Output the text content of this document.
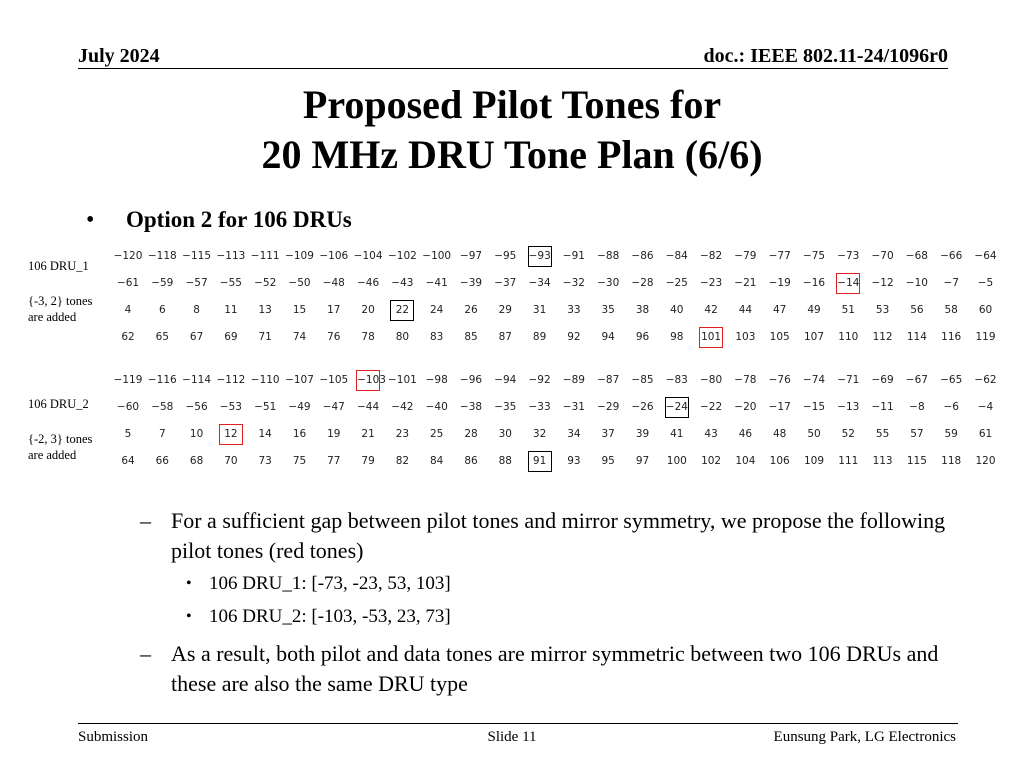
July 2024	doc.: IEEE 802.11-24/1096r0
Proposed Pilot Tones for
20 MHz DRU Tone Plan (6/6)
• Option 2 for 106 DRUs
106 DRU_1
{-3, 2} tones
are added
−120 −118 −115 −113 −111 −109 −106 −104 −102 −100 −97	−95	−93	−91	−88	−86	−84	−82	−79	−77	−75	−73	−70	−68	−66	−64
−61	−59	−57	−55	−52	−50	−48	−46	−43	−41	−39	−37	−34	−32	−30	−28	−25	−23	−21	−19	−16	−14	−12	−10	−7	−5
4	6	8	11	13	15	17	20	22	24	26	29	31	33	35	38	40	42	44	47	49	51	53	56	58	60
62	65	67	69	71	74	76	78	80	83	85	87	89	92	94	96	98	101	103	105	107	110	112	114	116	119
106 DRU_2
{-2, 3} tones
are added
−119 −116 −114 −112 −110 −107 −105 −103 −101 −98	−96	−94	−92	−89	−87	−85	−83	−80	−78	−76	−74	−71	−69	−67	−65	−62
−60	−58	−56	−53	−51	−49	−47	−44	−42	−40	−38	−35	−33	−31	−29	−26	−24	−22	−20	−17	−15	−13	−11	−8	−6	−4
5	7	10	12	14	16	19	21	23	25	28	30	32	34	37	39	41	43	46	48	50	52	55	57	59	61
64	66	68	70	73	75	77	79	82	84	86	88	91	93	95	97	100	102	104	106	109	111	113	115	118	120
– For a sufficient gap between pilot tones and mirror symmetry, we propose the following pilot tones (red tones)
• 106 DRU_1: [-73, -23, 53, 103]
• 106 DRU_2: [-103, -53, 23, 73]
– As a result, both pilot and data tones are mirror symmetric between two 106 DRUs and these are also the same DRU type
Submission	Slide 11	Eunsung Park, LG Electronics
